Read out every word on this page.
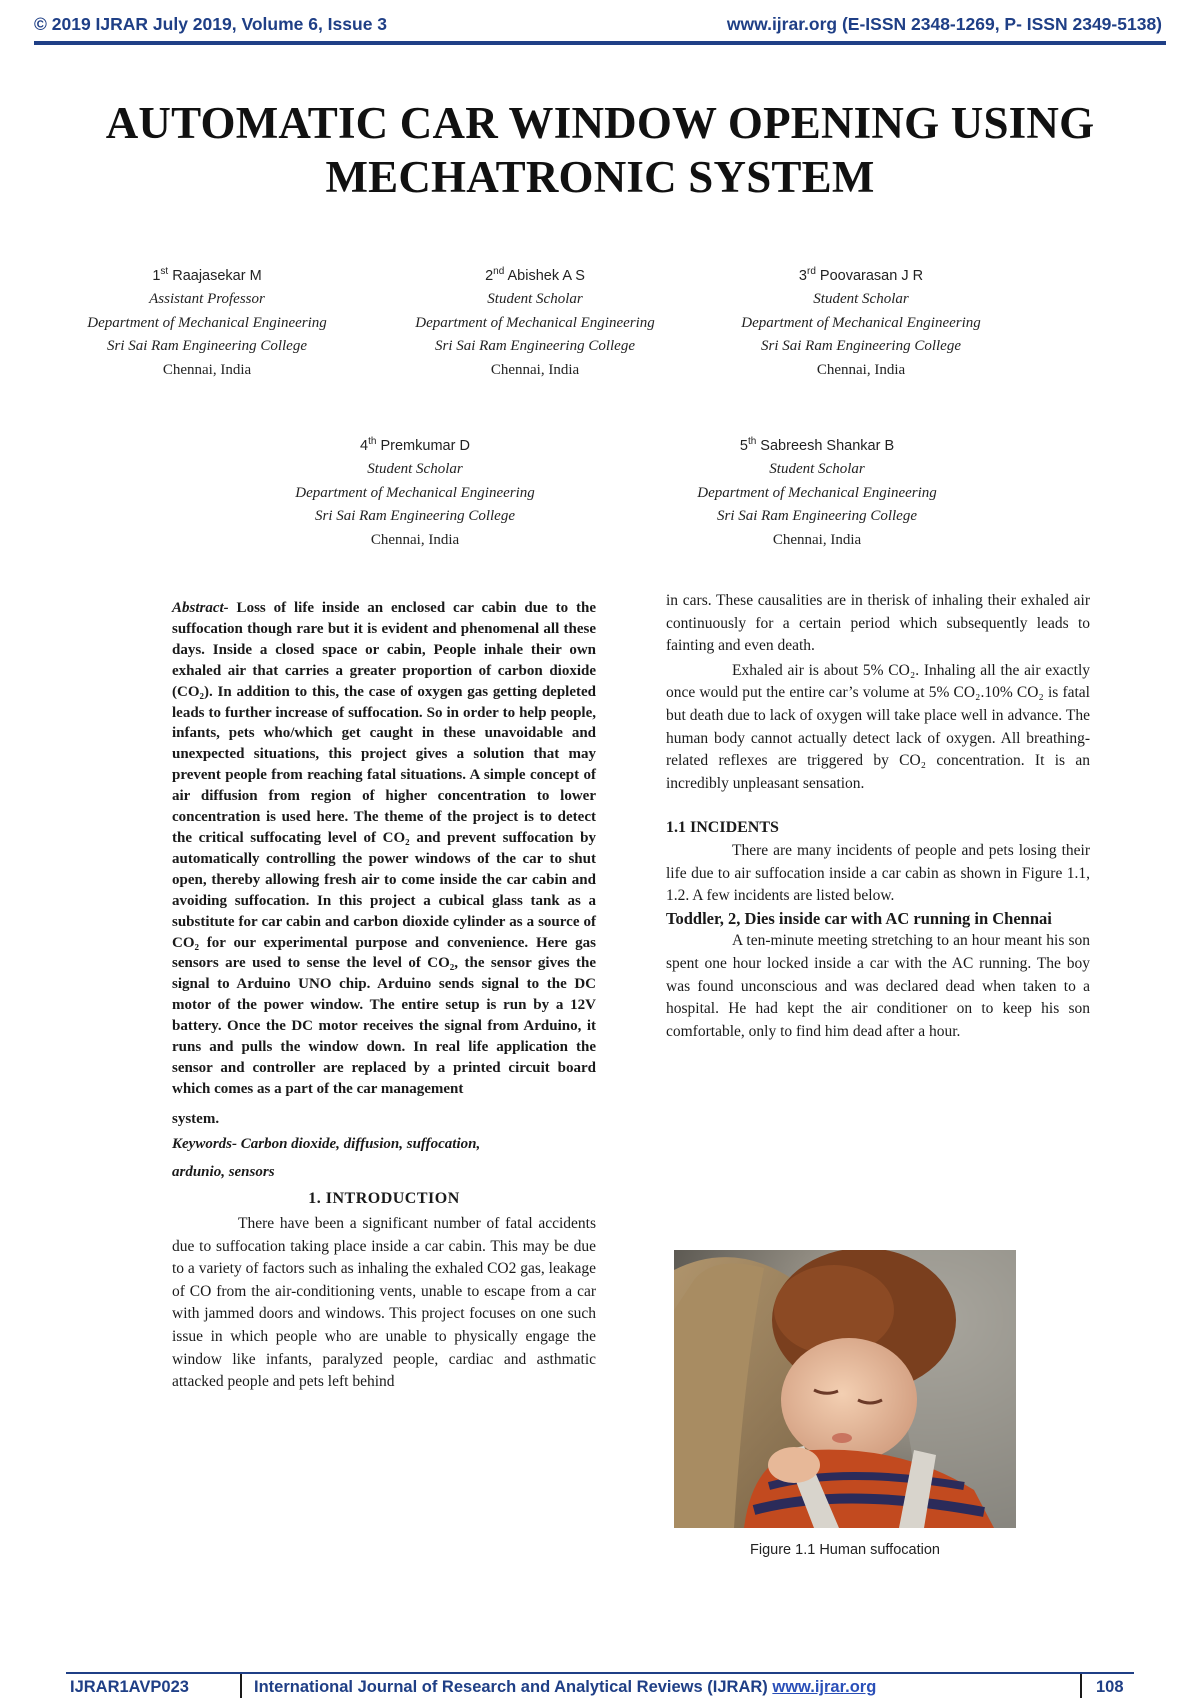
© 2019 IJRAR July 2019, Volume 6, Issue 3	www.ijrar.org (E-ISSN 2348-1269, P- ISSN 2349-5138)
AUTOMATIC CAR WINDOW OPENING USING
MECHATRONIC SYSTEM
1st Raajasekar M
Assistant Professor
Department of Mechanical Engineering
Sri Sai Ram Engineering College
Chennai, India
2nd Abishek A S
Student Scholar
Department of Mechanical Engineering
Sri Sai Ram Engineering College
Chennai, India
3rd Poovarasan J R
Student Scholar
Department of Mechanical Engineering
Sri Sai Ram Engineering College
Chennai, India
4th Premkumar D
Student Scholar
Department of Mechanical Engineering
Sri Sai Ram Engineering College
Chennai, India
5th Sabreesh Shankar B
Student Scholar
Department of Mechanical Engineering
Sri Sai Ram Engineering College
Chennai, India

Abstract- Loss of life inside an enclosed car cabin due to the suffocation though rare but it is evident and phenomenal all these days. Inside a closed space or cabin, People inhale their own exhaled air that carries a greater proportion of carbon dioxide (CO₂). In addition to this, the case of oxygen gas getting depleted leads to further increase of suffocation. So in order to help people, infants, pets who/which get caught in these unavoidable and unexpected situations, this project gives a solution that may prevent people from reaching fatal situations. A simple concept of air diffusion from region of higher concentration to lower concentration is used here. The theme of the project is to detect the critical suffocating level of CO₂ and prevent suffocation by automatically controlling the power windows of the car to shut open, thereby allowing fresh air to come inside the car cabin and avoiding suffocation. In this project a cubical glass tank as a substitute for car cabin and carbon dioxide cylinder as a source of CO₂ for our experimental purpose and convenience. Here gas sensors are used to sense the level of CO₂, the sensor gives the signal to Arduino UNO chip. Arduino sends signal to the DC motor of the power window. The entire setup is run by a 12V battery. Once the DC motor receives the signal from Arduino, it runs and pulls the window down. In real life application the sensor and controller are replaced by a printed circuit board which comes as a part of the car management

system.

Keywords- Carbon dioxide, diffusion, suffocation,
ardunio, sensors

1. INTRODUCTION

There have been a significant number of fatal accidents due to suffocation taking place inside a car cabin. This may be due to a variety of factors such as inhaling the exhaled CO2 gas, leakage of CO from the air-conditioning vents, unable to escape from a car with jammed doors and windows. This project focuses on one such issue in which people who are unable to physically engage the window like infants, paralyzed people, cardiac and asthmatic attacked people and pets left behind

in cars. These causalities are in therisk of inhaling their exhaled air continuously for a certain period which subsequently leads to fainting and even death.

Exhaled air is about 5% CO₂. Inhaling all the air exactly once would put the entire car’s volume at 5% CO₂.10% CO₂ is fatal but death due to lack of oxygen will take place well in advance. The human body cannot actually detect lack of oxygen. All breathing-related reflexes are triggered by CO₂ concentration. It is an incredibly unpleasant sensation.

1.1 INCIDENTS

There are many incidents of people and pets losing their life due to air suffocation inside a car cabin as shown in Figure 1.1, 1.2. A few incidents are listed below.

Toddler, 2, Dies inside car with AC running in Chennai

A ten-minute meeting stretching to an hour meant his son spent one hour locked inside a car with the AC running. The boy was found unconscious and was declared dead when taken to a hospital. He had kept the air conditioner on to keep his son comfortable, only to find him dead after a hour.

Figure 1.1 Human suffocation
IJRAR1AVP023	International Journal of Research and Analytical Reviews (IJRAR) www.ijrar.org	108
